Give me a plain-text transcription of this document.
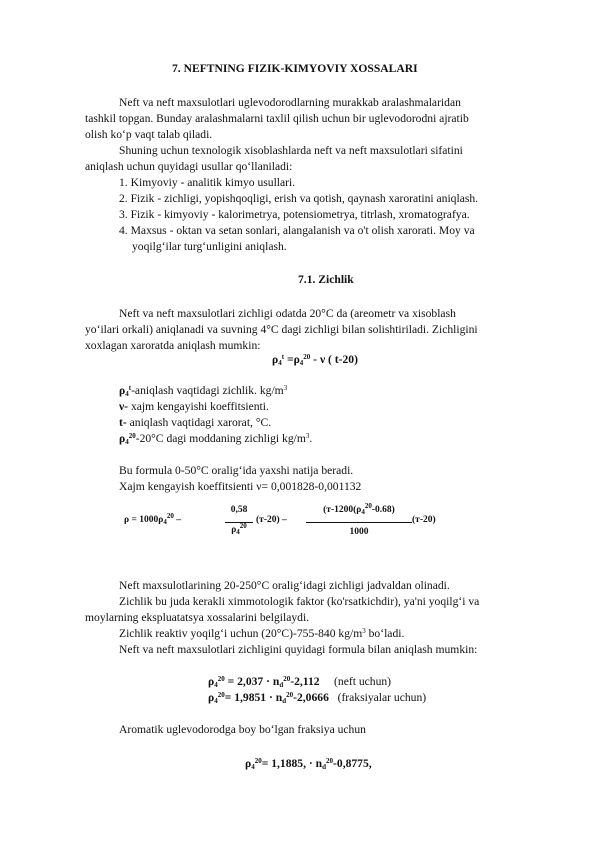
7. NEFTNING FIZIK-KIMYOVIY XOSSALARI
Neft va neft maxsulotlari uglevodorodlarning murakkab aralashmalaridan
tashkil topgan. Bunday aralashmalarni taxlil qilish uchun bir uglevodorodni ajratib
olish ko‘p vaqt talab qiladi.
Shuning uchun texnologik xisoblashlarda neft va neft maxsulotlari sifatini
aniqlash uchun quyidagi usullar qo‘llaniladi:
1. Kimyoviy - analitik kimyo usullari.
2. Fizik - zichligi, yopishqoqligi, erish va qotish, qaynash xaroratini aniqlash.
3. Fizik - kimyoviy - kalorimetrya, potensiometrya, titrlash, xromatografya.
4. Maxsus - oktan va setan sonlari, alangalanish va o't olish xarorati. Moy va
yoqilg‘ilar turg‘unligini aniqlash.
7.1. Zichlik
Neft va neft maxsulotlari zichligi odatda 20°C da (areometr va xisoblash
yo‘ilari orkali) aniqlanadi va suvning 4°C dagi zichligi bilan solishtiriladi. Zichligini
xoxlagan xaroratda aniqlash mumkin:
$\rho_4^t =\rho_4^{20} - \nu$ ( t-20)
$\rho_4^t$-aniqlash vaqtidagi zichlik. $kg/m^3$
ν- xajm kengayishi koeffitsienti.
t- aniqlash vaqtidagi xarorat, °C.
$\rho_4^{20}-20^\circ C$ dagi moddaning zichligi $kg/m^3$.
Bu formula 0-50°C oralig‘ida yaxshi natija beradi.
Xajm kengayish koeffitsienti ν= 0,001828-0,001132
$\rho = 1000\rho_4^{20}$ –
0,58
$\rho_4^{20}$
(т-20) –
($т-1200(\rho_4^{20}-0.68)$
1000
(т-20)
Neft maxsulotlarining 20-250°C oralig‘idagi zichligi jadvaldan olinadi.
Zichlik bu juda kerakli ximmotologik faktor (ko'rsatkichdir), ya'ni yoqilg‘i va
moylarning ekspluatatsya xossalarini belgilaydi.
Zichlik reaktiv yoqilg‘i uchun (20°C)-755-840 $kg/m^3$ bo‘ladi.
Neft va neft maxsulotlari zichligini quyidagi formula bilan aniqlash mumkin:
$\rho_4^{20} = 2,037 \cdot n_d^{20}-2,112$ (neft uchun)
$\rho_4^{20}= 1,9851 \cdot n_d^{20}-2,0666$ (fraksiyalar uchun)
Aromatik uglevodorodga boy bo‘lgan fraksiya uchun
$\rho_4^{20}= 1,1885$, · $n_d^{20}-0,8775$,
